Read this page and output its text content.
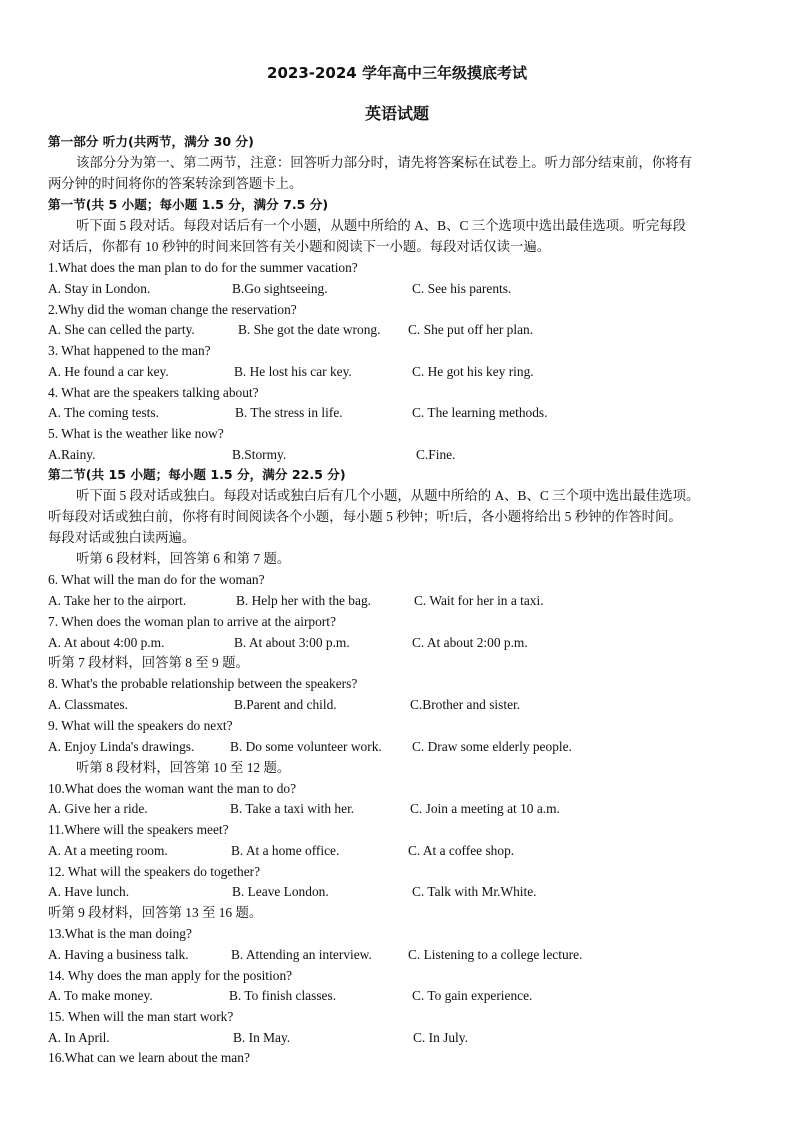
2023-2024 学年高中三年级摸底考试
英语试题
第一部分 听力(共两节，满分 30 分)
该部分分为第一、第二两节，注意：回答听力部分时，请先将答案标在试卷上。听力部分结束前，你将有
两分钟的时间将你的答案转涂到答题卡上。
第一节(共 5 小题；每小题 1.5 分，满分 7.5 分)
听下面 5 段对话。每段对话后有一个小题，从题中所给的 A、B、C 三个选项中选出最佳选项。听完每段
对话后，你都有 10 秒钟的时间来回答有关小题和阅读下一小题。每段对话仅读一遍。
1.What does the man plan to do for the summer vacation?
A. Stay in London.	B.Go sightseeing.	C. See his parents.
2.Why did the woman change the reservation?
A. She can celled the party.	B. She got the date wrong. C. She put off her plan.
3. What happened to the man?
A. He found a car key.	B. He lost his car key.	C. He got his key ring.
4. What are the speakers talking about?
A. The coming tests.	B. The stress in life.	C. The learning methods.
5. What is the weather like now?
A.Rainy.	B.Stormy.	C.Fine.
第二节(共 15 小题；每小题 1.5 分，满分 22.5 分)
听下面 5 段对话或独白。每段对话或独白后有几个小题，从题中所给的 A、B、C 三个项中选出最佳选项。
听每段对话或独白前，你将有时间阅读各个小题，每小题 5 秒钟；听!后，各小题将给出 5 秒钟的作答时间。
每段对话或独白读两遍。
听第 6 段材料，回答第 6 和第 7 题。
6. What will the man do for the woman?
A. Take her to the airport.	B. Help her with the bag.	C. Wait for her in a taxi.
7. When does the woman plan to arrive at the airport?
A. At about 4:00 p.m.	B. At about 3:00 p.m.	C. At about 2:00 p.m.
听第 7 段材料，回答第 8 至 9 题。
8. What's the probable relationship between the speakers?
A. Classmates.	B.Parent and child.	C.Brother and sister.
9. What will the speakers do next?
A. Enjoy Linda's drawings.	B. Do some volunteer work. C. Draw some elderly people.
听第 8 段材料，回答第 10 至 12 题。
10.What does the woman want the man to do?
A. Give her a ride.	B. Take a taxi with her.	C. Join a meeting at 10 a.m.
11.Where will the speakers meet?
A. At a meeting room.	B. At a home office.	C. At a coffee shop.
12. What will the speakers do together?
A. Have lunch.	B. Leave London.	C. Talk with Mr.White.
听第 9 段材料，回答第 13 至 16 题。
13.What is the man doing?
A. Having a business talk.	B. Attending an interview.	C. Listening to a college lecture.
14. Why does the man apply for the position?
A. To make money.	B. To finish classes.	C. To gain experience.
15. When will the man start work?
A. In April.	B. In May.	C. In July.
16.What can we learn about the man?
